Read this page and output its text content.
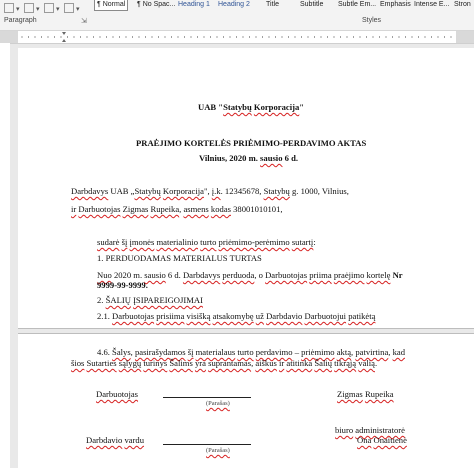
▾ ▾ ▾ ▾
¶ Normal	¶ No Spac... Heading 1 Heading 2 Title	Subtitle Subtle Em... Emphasis Intense E... Stron
Paragraph	⇲	Styles
UAB "Statybų Korporacija"
PRAĖJIMO KORTELĖS PRIĖMIMO-PERDAVIMO AKTAS
Vilnius, 2020 m. sausio 6 d.
Darbdavys UAB „Statybų Korporacija", į.k. 12345678, Statybų g. 1000, Vilnius,
ir Darbuotojas Zigmas Rupeika, asmens kodas 38001010101,
sudarė šį įmonės materialinio turto priėmimo-perėmimo sutartį:
1. PERDUODAMAS MATERIALUS TURTAS
Nuo 2020 m. sausio 6 d. Darbdavys perduoda, o Darbuotojas priima praėjimo kortelę Nr
9999-99-9999.
2. ŠALIŲ ĮSIPAREIGOJIMAI
2.1. Darbuotojas prisiima visišką atsakomybę už Darbdavio Darbuotojui patikėtą
4.6. Šalys, pasirašydamos šį materialaus turto perdavimo – priėmimo aktą, patvirtina, kad
šios Sutarties sąlygų turinys Šalims yra suprantamas, aiškus ir atitinka Šalių tikrąją valią.
Darbuotojas
(Parašas)
Zigmas Rupeika
biuro administratorė
Darbdavio vardu
(Parašas)
Ona Onaitienė
